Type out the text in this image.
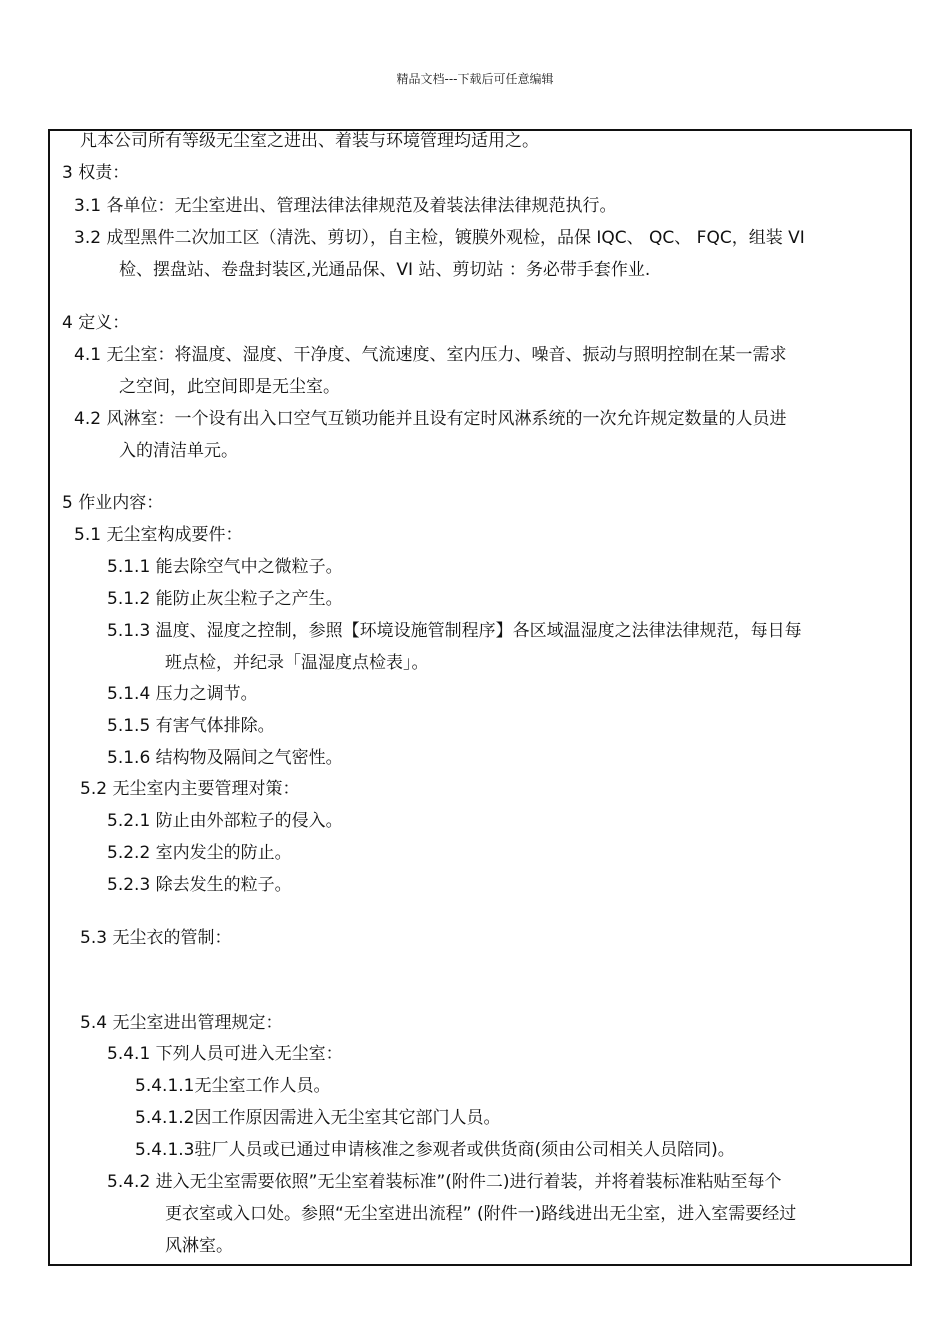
精品文档---下载后可任意编辑
凡本公司所有等级无尘室之进出、着装与环境管理均适用之。
3 权责：
3.1 各单位：无尘室进出、管理法律法律规范及着装法律法律规范执行。
3.2 成型黑件二次加工区（清洗、剪切），自主检，镀膜外观检，品保 IQC、 QC、 FQC，组装 VI
检、摆盘站、卷盘封装区,光通品保、VI 站、剪切站 ：务必带手套作业.
4 定义：
4.1 无尘室：将温度、湿度、干净度、气流速度、室内压力、噪音、振动与照明控制在某一需求
之空间，此空间即是无尘室。
4.2 风淋室：一个设有出入口空气互锁功能并且设有定时风淋系统的一次允许规定数量的人员进
入的清洁单元。
5 作业内容：
5.1 无尘室构成要件：
5.1.1 能去除空气中之微粒子。
5.1.2 能防止灰尘粒子之产生。
5.1.3 温度、湿度之控制，参照【环境设施管制程序】各区域温湿度之法律法律规范，每日每
班点检，并纪录「温湿度点检表」。
5.1.4 压力之调节。
5.1.5 有害气体排除。
5.1.6 结构物及隔间之气密性。
5.2 无尘室内主要管理对策：
5.2.1 防止由外部粒子的侵入。
5.2.2 室内发尘的防止。
5.2.3 除去发生的粒子。
5.3 无尘衣的管制：
5.4 无尘室进出管理规定：
5.4.1 下列人员可进入无尘室：
5.4.1.1无尘室工作人员。
5.4.1.2因工作原因需进入无尘室其它部门人员。
5.4.1.3驻厂人员或已通过申请核准之参观者或供货商(须由公司相关人员陪同)。
5.4.2 进入无尘室需要依照”无尘室着装标准”(附件二)进行着装，并将着装标准粘贴至每个
更衣室或入口处。参照“无尘室进出流程” (附件一)路线进出无尘室，进入室需要经过
风淋室。
